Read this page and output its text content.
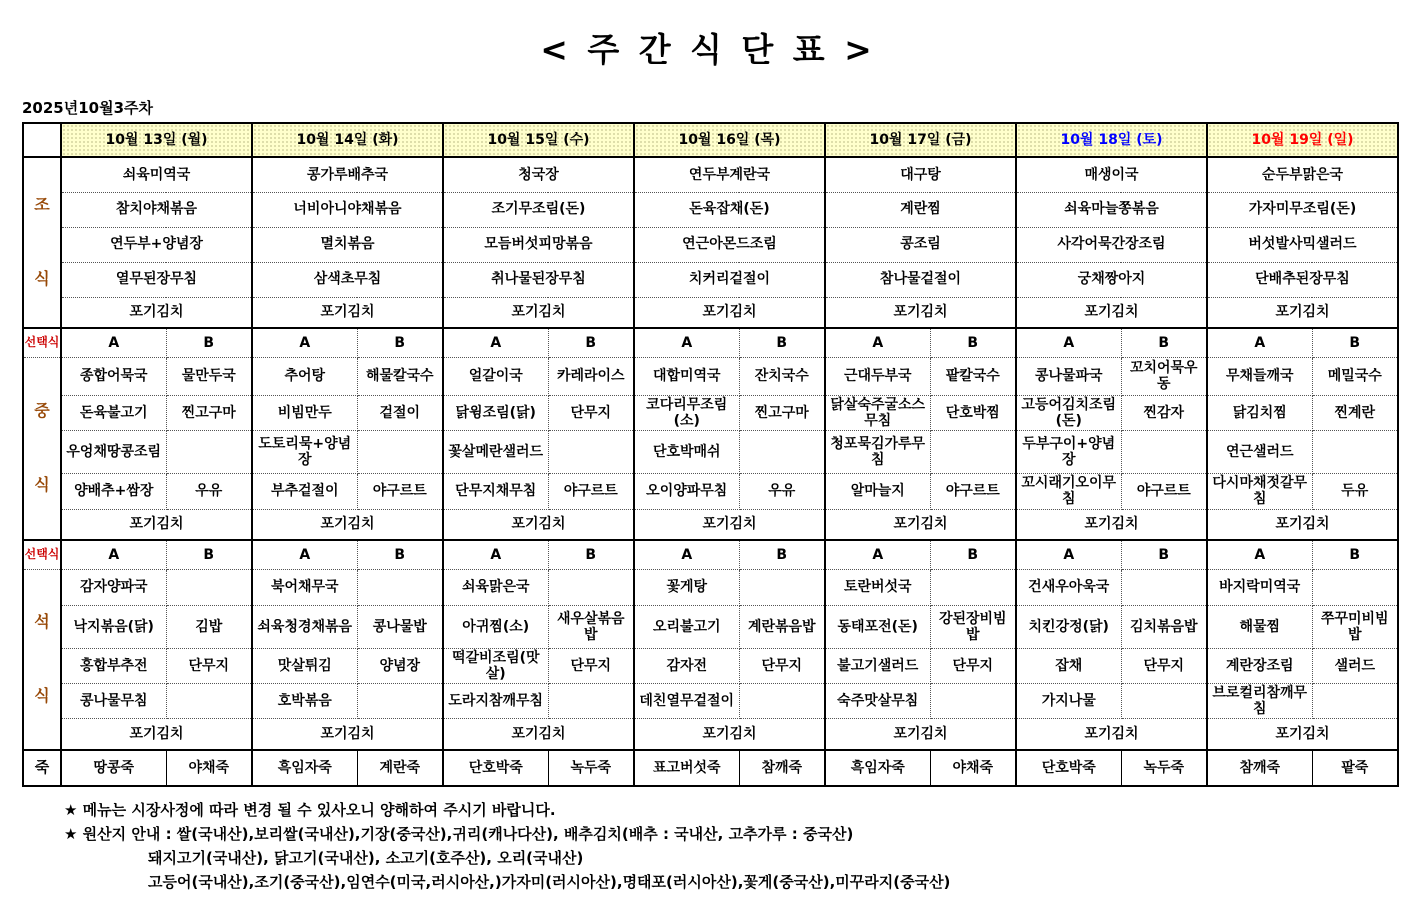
< 주 간 식 단 표 >
2025년10월3주차
	10월 13일 (월)		10월 14일 (화)		10월 15일 (수)		10월 16일 (목)		10월 17일 (금)		10월 18일 (토)		10월 19일 (일)	

조
식	쇠육미역국		콩가루배추국		청국장		연두부계란국		대구탕		매생이국		순두부맑은국	
	참치야채볶음		너비아니야채볶음		조기무조림(돈)		돈육잡채(돈)		계란찜		쇠육마늘쫑볶음		가자미무조림(돈)	
	연두부+양념장		멸치볶음		모듬버섯피망볶음		연근아몬드조림		콩조림		사각어묵간장조림		버섯발사믹샐러드	
	열무된장무침		삼색초무침		취나물된장무침		치커리겉절이		참나물겉절이		궁채짱아지		단배추된장무침	
	포기김치		포기김치		포기김치		포기김치		포기김치		포기김치		포기김치	
선택식	A	B	A	B	A	B	A	B	A	B	A	B	A	B

중
식	종합어묵국	물만두국	추어탕	해물칼국수	얼갈이국	카레라이스	대합미역국	잔치국수	근대두부국	팥칼국수	콩나물파국	꼬치어묵우동	무채들깨국	메밀국수
	돈육불고기	찐고구마	비빔만두	겉절이	닭윙조림(닭)	단무지	코다리무조림(소)	찐고구마	닭살숙주굴소스무침	단호박찜	고등어김치조림(돈)	찐감자	닭김치찜	찐계란
	우엉채땅콩조림		도토리묵+양념장		꽃살메란샐러드		단호박매쉬		청포묵김가루무침		두부구이+양념장		연근샐러드	
	양배추+쌈장	우유	부추겉절이	야구르트	단무지채무침	야구르트	오이양파무침	우유	알마늘지	야구르트	꼬시래기오이무침	야구르트	다시마채젓갈무침	두유
	포기김치		포기김치		포기김치		포기김치		포기김치		포기김치		포기김치	
선택식	A	B	A	B	A	B	A	B	A	B	A	B	A	B

석
식	감자양파국		북어채무국		쇠육맑은국		꽃게탕		토란버섯국		건새우아욱국		바지락미역국	
	낙지볶음(닭)	김밥	쇠육청경채볶음	콩나물밥	아귀찜(소)	새우살볶음밥	오리불고기	계란볶음밥	동태포전(돈)	강된장비빔밥	치킨강정(닭)	김치볶음밥	해물찜	쭈꾸미비빔밥
	홍합부추전	단무지	맛살튀김	양념장	떡갈비조림(맛살)	단무지	감자전	단무지	불고기샐러드	단무지	잡채	단무지	계란장조림	샐러드
	콩나물무침		호박볶음		도라지참깨무침		데친열무겉절이		숙주맛살무침		가지나물		브로컬리참깨무침	
	포기김치		포기김치		포기김치		포기김치		포기김치		포기김치		포기김치	
죽	땅콩죽	야채죽	흑임자죽	계란죽	단호박죽	녹두죽	표고버섯죽	참깨죽	흑임자죽	야채죽	단호박죽	녹두죽	참깨죽	팥죽
★ 메뉴는 시장사정에 따라 변경 될 수 있사오니 양해하여 주시기 바랍니다.
★ 원산지 안내 : 쌀(국내산),보리쌀(국내산),기장(중국산),귀리(캐나다산), 배추김치(배추 : 국내산, 고추가루 : 중국산)
돼지고기(국내산), 닭고기(국내산), 소고기(호주산), 오리(국내산)
고등어(국내산),조기(중국산),임연수(미국,러시아산,)가자미(러시아산),명태포(러시아산),꽃게(중국산),미꾸라지(중국산)
